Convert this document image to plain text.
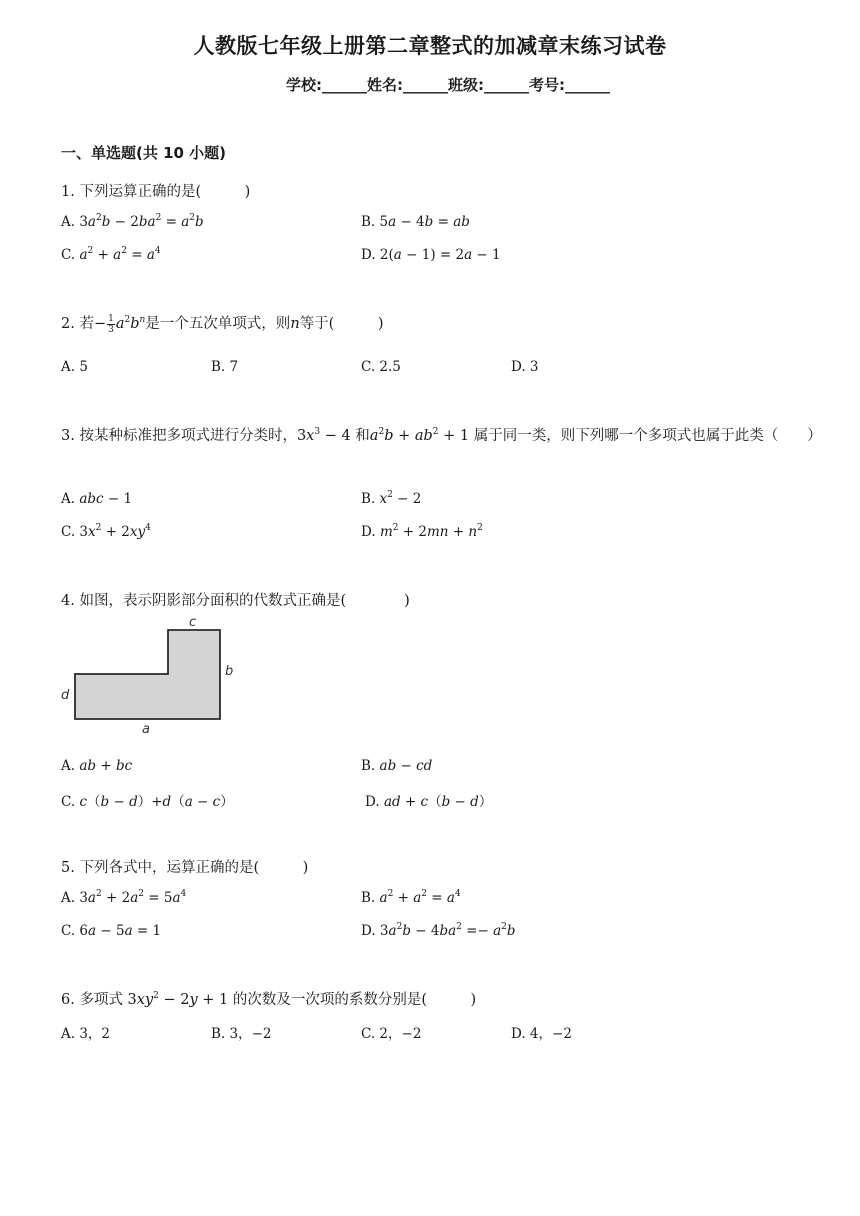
人教版七年级上册第二章整式的加减章末练习试卷
学校:______姓名:______班级:______考号:______
一、单选题(共 10 小题)
1. 下列运算正确的是(　　　)
A. $3a^2b - 2ba^2 = a^2b$	B. 5a − 4b = ab
C. $a^2 + a^2 = a^4$	D. 2(a − 1) = 2a − 1
2. 若− $\frac{1}{3} a^2b^n$是一个五次单项式，则n等于(　　　)
A. 5	B. 7	C. 2.5	D. 3
3. 按某种标准把多项式进行分类时，$3x^3 - 4$ 和$a^2b + ab^2 + 1$ 属于同一类，则下列哪一个多项式也属于此类（　　）
A. abc − 1	B. $x^2 - 2$
C. $3x^2 + 2xy^4$	D. $m^2 + 2mn + n^2$
4. 如图，表示阴影部分面积的代数式正确是(　　　　)
c
b
d
a
A. ab + bc	B. ab − cd
C. c（b − d）+d（a − c）	D. ad + c（b − d）
5. 下列各式中，运算正确的是(　　　)
A. $3a^2 + 2a^2 = 5a^4$	B. $a^2 + a^2 = a^4$
C. 6a − 5a = 1	D. $3a^2b - 4ba^2 =- a^2b$
6. 多项式 $3xy^2 - 2y + 1$ 的次数及一次项的系数分别是(　　　)
A. 3，2	B. 3，−2	C. 2，−2	D. 4，−2
